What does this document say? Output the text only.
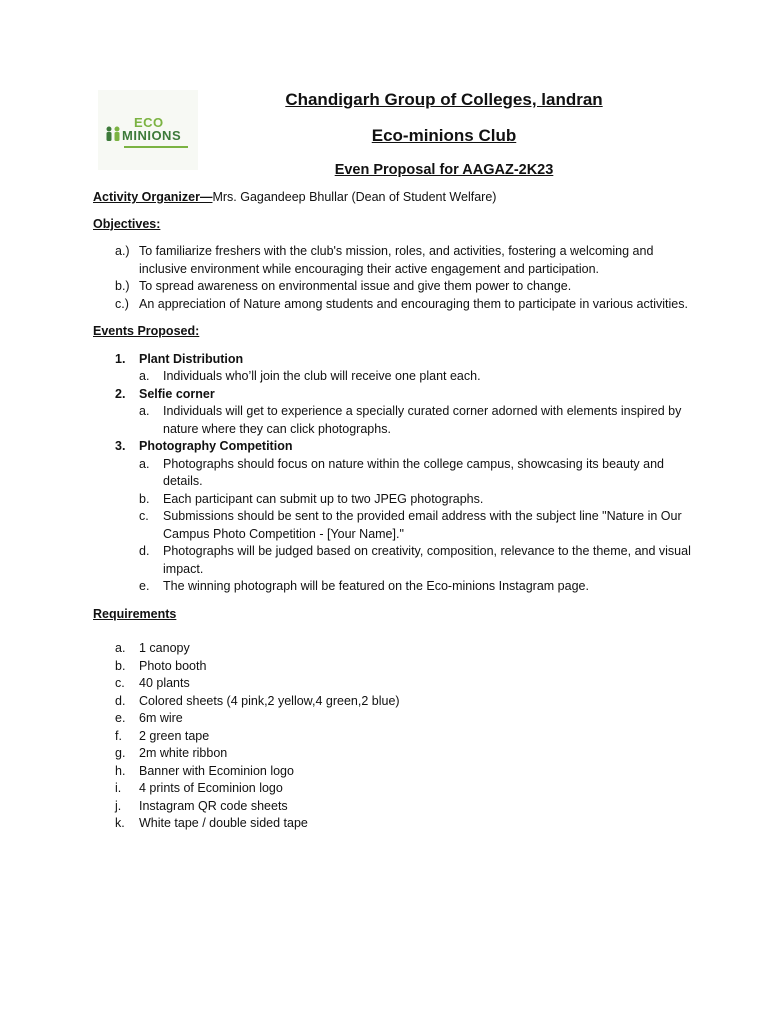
ECO
MINIONS
Chandigarh Group of Colleges, landran
Eco-minions Club
Even Proposal for AAGAZ-2K23

Activity Organizer—Mrs. Gagandeep Bhullar (Dean of Student Welfare)

Objectives:

a.) To familiarize freshers with the club's mission, roles, and activities, fostering a welcoming and inclusive environment while encouraging their active engagement and participation.
b.) To spread awareness on environmental issue and give them power to change.
c.) An appreciation of Nature among students and encouraging them to participate in various activities.

Events Proposed:

1. Plant Distribution
a. Individuals who’ll join the club will receive one plant each.
2. Selfie corner
a. Individuals will get to experience a specially curated corner adorned with elements inspired by nature where they can click photographs.
3. Photography Competition
a. Photographs should focus on nature within the college campus, showcasing its beauty and details.
b. Each participant can submit up to two JPEG photographs.
c. Submissions should be sent to the provided email address with the subject line "Nature in Our Campus Photo Competition - [Your Name]."
d. Photographs will be judged based on creativity, composition, relevance to the theme, and visual impact.
e. The winning photograph will be featured on the Eco-minions Instagram page.

Requirements

a. 1 canopy
b. Photo booth
c. 40 plants
d. Colored sheets (4 pink,2 yellow,4 green,2 blue)
e. 6m wire
f. 2 green tape
g. 2m white ribbon
h. Banner with Ecominion logo
i. 4 prints of Ecominion logo
j. Instagram QR code sheets
k. White tape / double sided tape
